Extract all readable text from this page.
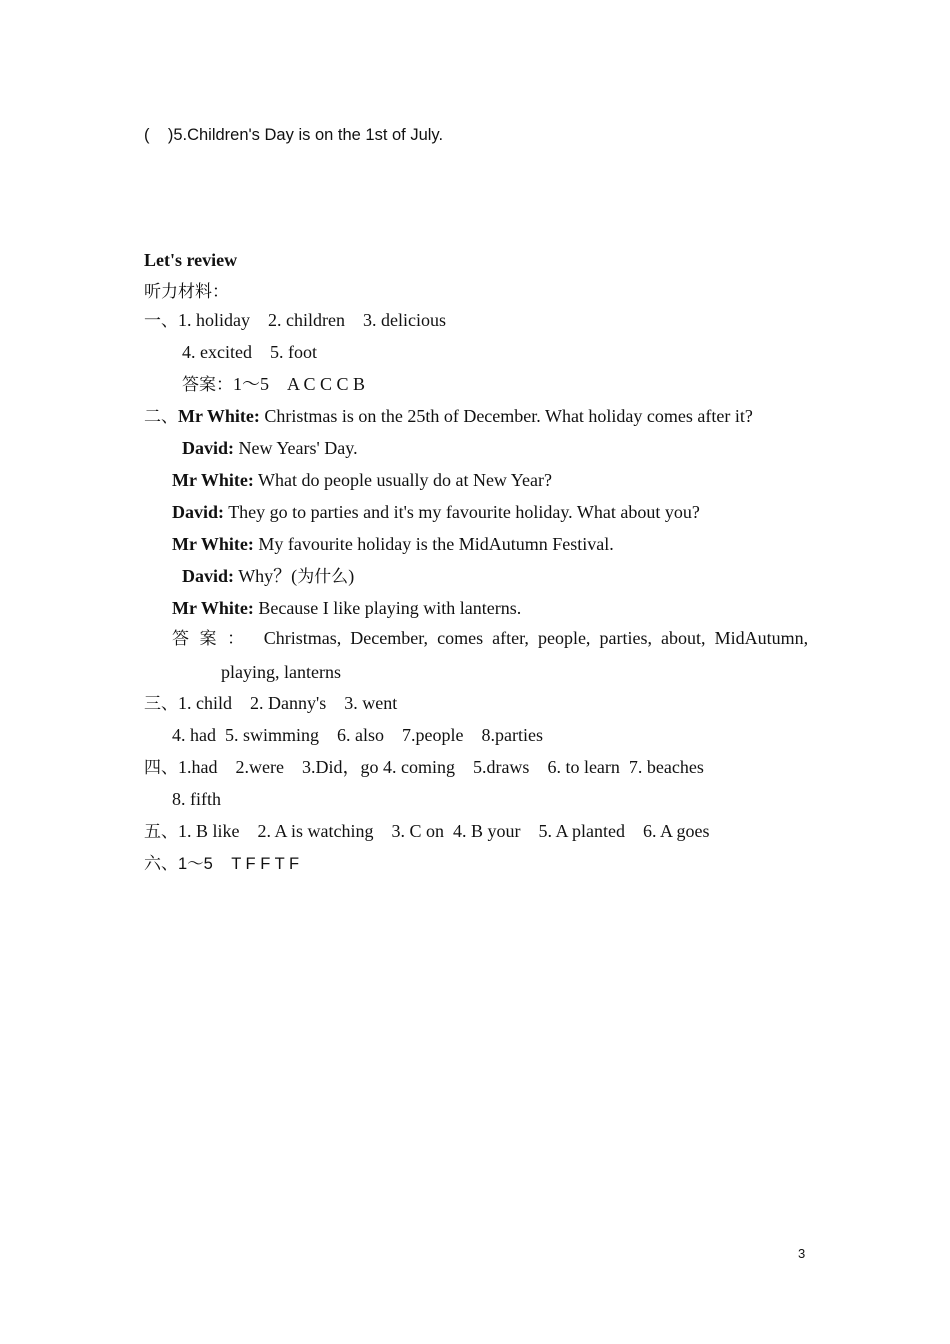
(    )5.Children's Day is on the 1st of July.
Let's review
听力材料：
一、1. holiday    2. children    3. delicious
4. excited    5. foot
答案：1～5    A C C C B
二、Mr White: Christmas is on the 25th of December. What holiday comes after it?
David: New Years' Day.
Mr White: What do people usually do at New Year?
David: They go to parties and it's my favourite holiday. What about you?
Mr White: My favourite holiday is the MidAutumn Festival.
David: Why？(为什么)
Mr White: Because I like playing with lanterns.
答案： Christmas, December, comes after, people, parties, about, MidAutumn,
playing, lanterns
三、1. child    2. Danny's    3. went
4. had  5. swimming    6. also    7.people    8.parties
四、1.had    2.were    3.Did，go 4. coming    5.draws    6. to learn  7. beaches
8. fifth
五、1. B like    2. A is watching    3. C on  4. B your    5. A planted    6. A goes
六、1～5    T F F T F
3
